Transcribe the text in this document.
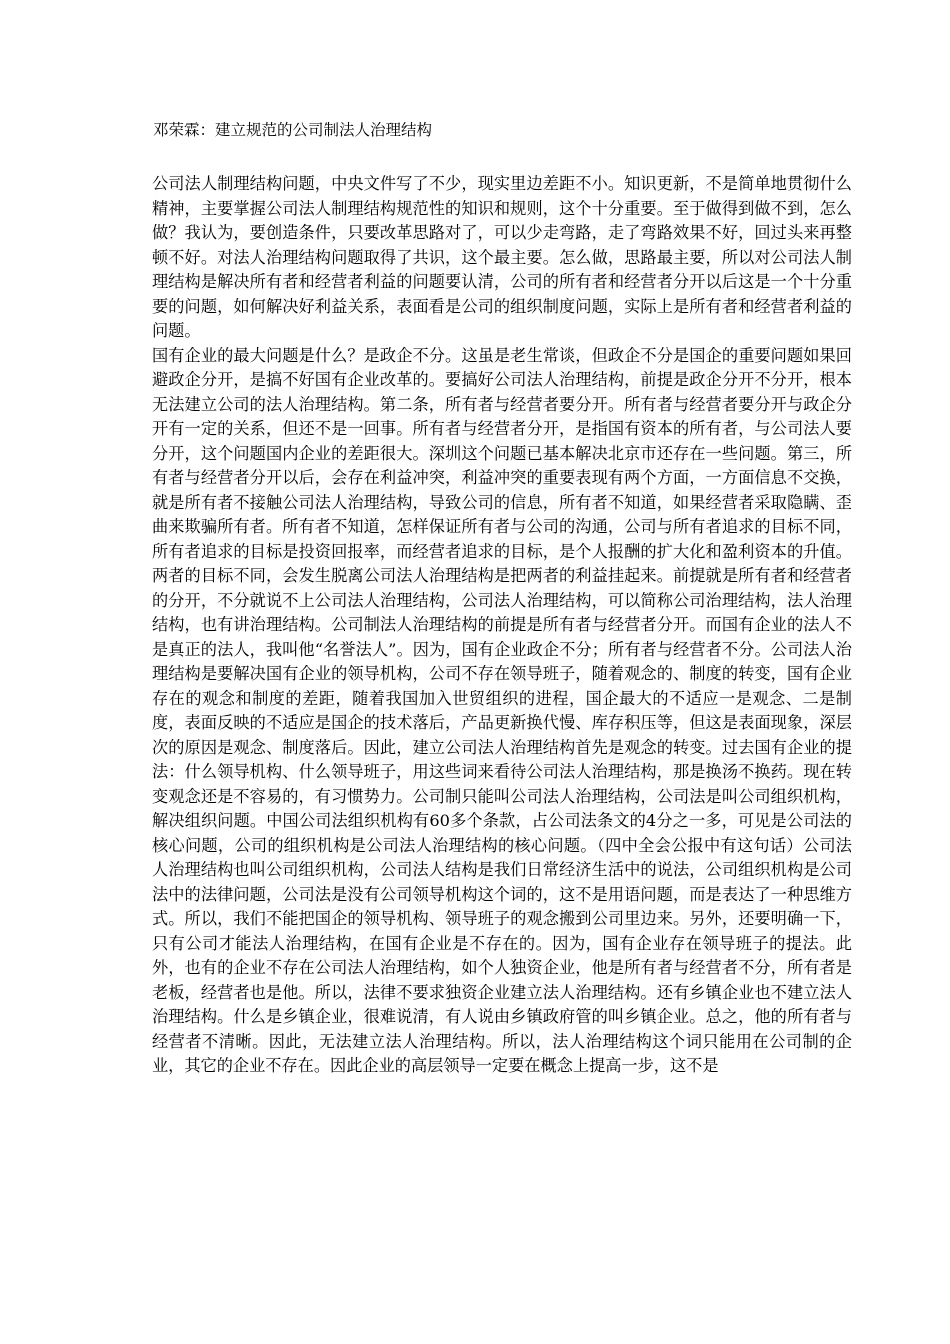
邓荣霖：建立规范的公司制法人治理结构

公司法人制理结构问题，中央文件写了不少，现实里边差距不小。知识更新，不是简单地贯彻什么精神，主要掌握公司法人制理结构规范性的知识和规则，这个十分重要。至于做得到做不到，怎么做？我认为，要创造条件，只要改革思路对了，可以少走弯路，走了弯路效果不好，回过头来再整顿不好。对法人治理结构问题取得了共识，这个最主要。怎么做，思路最主要，所以对公司法人制理结构是解决所有者和经营者利益的问题要认清，公司的所有者和经营者分开以后这是一个十分重要的问题，如何解决好利益关系，表面看是公司的组织制度问题，实际上是所有者和经营者利益的问题。

国有企业的最大问题是什么？是政企不分。这虽是老生常谈，但政企不分是国企的重要问题如果回避政企分开，是搞不好国有企业改革的。要搞好公司法人治理结构，前提是政企分开不分开，根本无法建立公司的法人治理结构。第二条，所有者与经营者要分开。所有者与经营者要分开与政企分开有一定的关系，但还不是一回事。所有者与经营者分开，是指国有资本的所有者，与公司法人要分开，这个问题国内企业的差距很大。深圳这个问题已基本解决北京市还存在一些问题。第三，所有者与经营者分开以后，会存在利益冲突，利益冲突的重要表现有两个方面，一方面信息不交换，就是所有者不接触公司法人治理结构，导致公司的信息，所有者不知道，如果经营者采取隐瞒、歪曲来欺骗所有者。所有者不知道，怎样保证所有者与公司的沟通，公司与所有者追求的目标不同，所有者追求的目标是投资回报率，而经营者追求的目标，是个人报酬的扩大化和盈利资本的升值。两者的目标不同，会发生脱离公司法人治理结构是把两者的利益挂起来。前提就是所有者和经营者的分开，不分就说不上公司法人治理结构，公司法人治理结构，可以简称公司治理结构，法人治理结构，也有讲治理结构。公司制法人治理结构的前提是所有者与经营者分开。而国有企业的法人不是真正的法人，我叫他“名誉法人”。因为，国有企业政企不分；所有者与经营者不分。公司法人治理结构是要解决国有企业的领导机构，公司不存在领导班子，随着观念的、制度的转变，国有企业存在的观念和制度的差距，随着我国加入世贸组织的进程，国企最大的不适应一是观念、二是制度，表面反映的不适应是国企的技术落后，产品更新换代慢、库存积压等，但这是表面现象，深层次的原因是观念、制度落后。因此，建立公司法人治理结构首先是观念的转变。过去国有企业的提法：什么领导机构、什么领导班子，用这些词来看待公司法人治理结构，那是换汤不换药。现在转变观念还是不容易的，有习惯势力。公司制只能叫公司法人治理结构，公司法是叫公司组织机构，解决组织问题。中国公司法组织机构有60多个条款，占公司法条文的4分之一多，可见是公司法的核心问题，公司的组织机构是公司法人治理结构的核心问题。（四中全会公报中有这句话）公司法人治理结构也叫公司组织机构，公司法人结构是我们日常经济生活中的说法，公司组织机构是公司法中的法律问题，公司法是没有公司领导机构这个词的，这不是用语问题，而是表达了一种思维方式。所以，我们不能把国企的领导机构、领导班子的观念搬到公司里边来。另外，还要明确一下，只有公司才能法人治理结构，在国有企业是不存在的。因为，国有企业存在领导班子的提法。此外，也有的企业不存在公司法人治理结构，如个人独资企业，他是所有者与经营者不分，所有者是老板，经营者也是他。所以，法律不要求独资企业建立法人治理结构。还有乡镇企业也不建立法人治理结构。什么是乡镇企业，很难说清，有人说由乡镇政府管的叫乡镇企业。总之，他的所有者与经营者不清晰。因此，无法建立法人治理结构。所以，法人治理结构这个词只能用在公司制的企业，其它的企业不存在。因此企业的高层领导一定要在概念上提高一步，这不是
